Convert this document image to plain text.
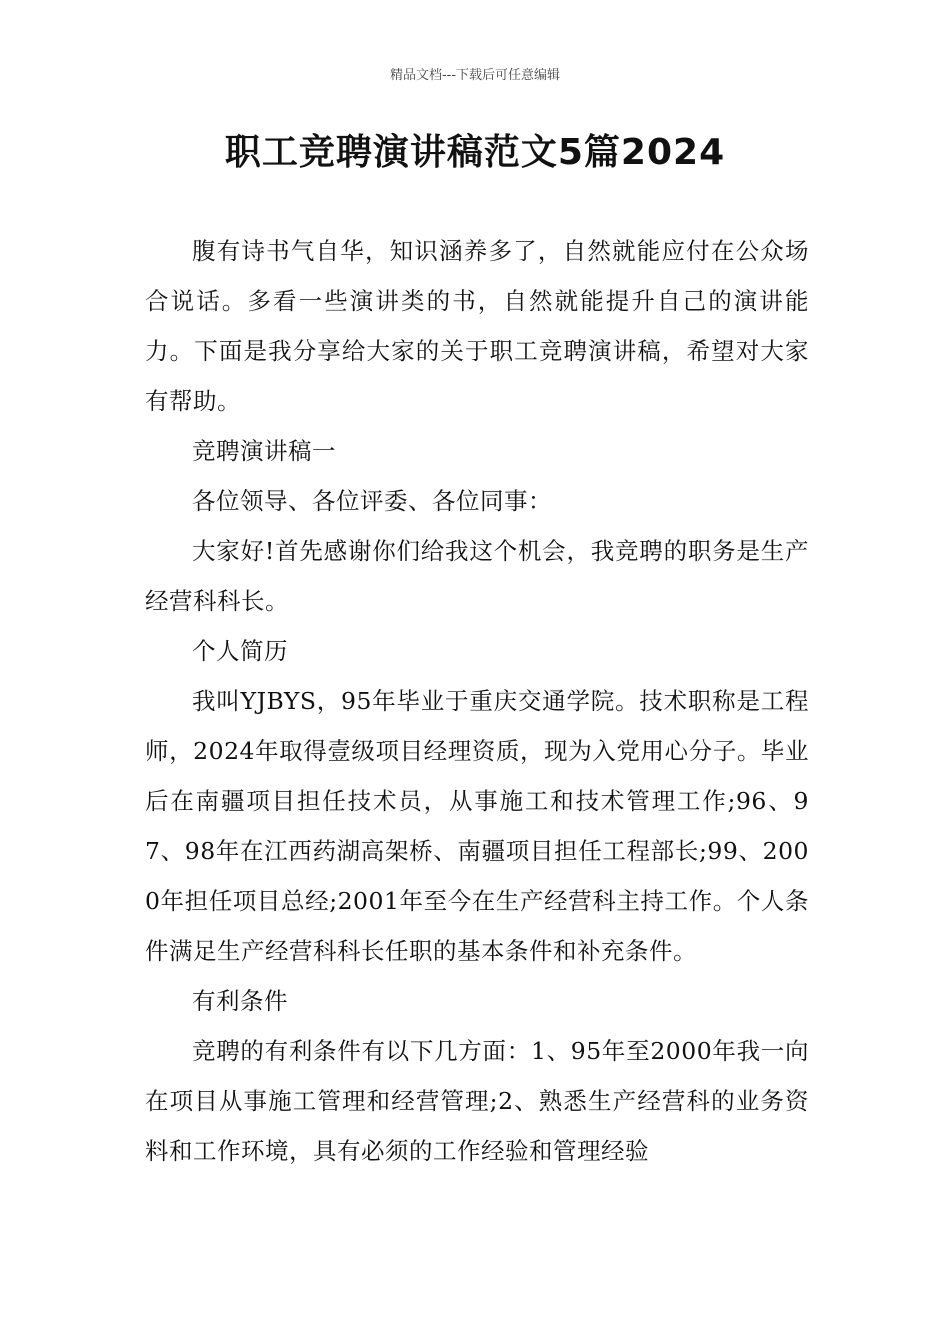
精品文档---下载后可任意编辑
职工竞聘演讲稿范文5篇2024

腹有诗书气自华，知识涵养多了，自然就能应付在公众场合说话。多看一些演讲类的书，自然就能提升自己的演讲能力。下面是我分享给大家的关于职工竞聘演讲稿，希望对大家有帮助。

竞聘演讲稿一

各位领导、各位评委、各位同事：

大家好!首先感谢你们给我这个机会，我竞聘的职务是生产经营科科长。

个人简历

我叫YJBYS，95年毕业于重庆交通学院。技术职称是工程师，2024年取得壹级项目经理资质，现为入党用心分子。毕业后在南疆项目担任技术员，从事施工和技术管理工作;96、97、98年在江西药湖高架桥、南疆项目担任工程部长;99、2000年担任项目总经;2001年至今在生产经营科主持工作。个人条件满足生产经营科科长任职的基本条件和补充条件。

有利条件

竞聘的有利条件有以下几方面：1、95年至2000年我一向在项目从事施工管理和经营管理;2、熟悉生产经营科的业务资料和工作环境，具有必须的工作经验和管理经验
